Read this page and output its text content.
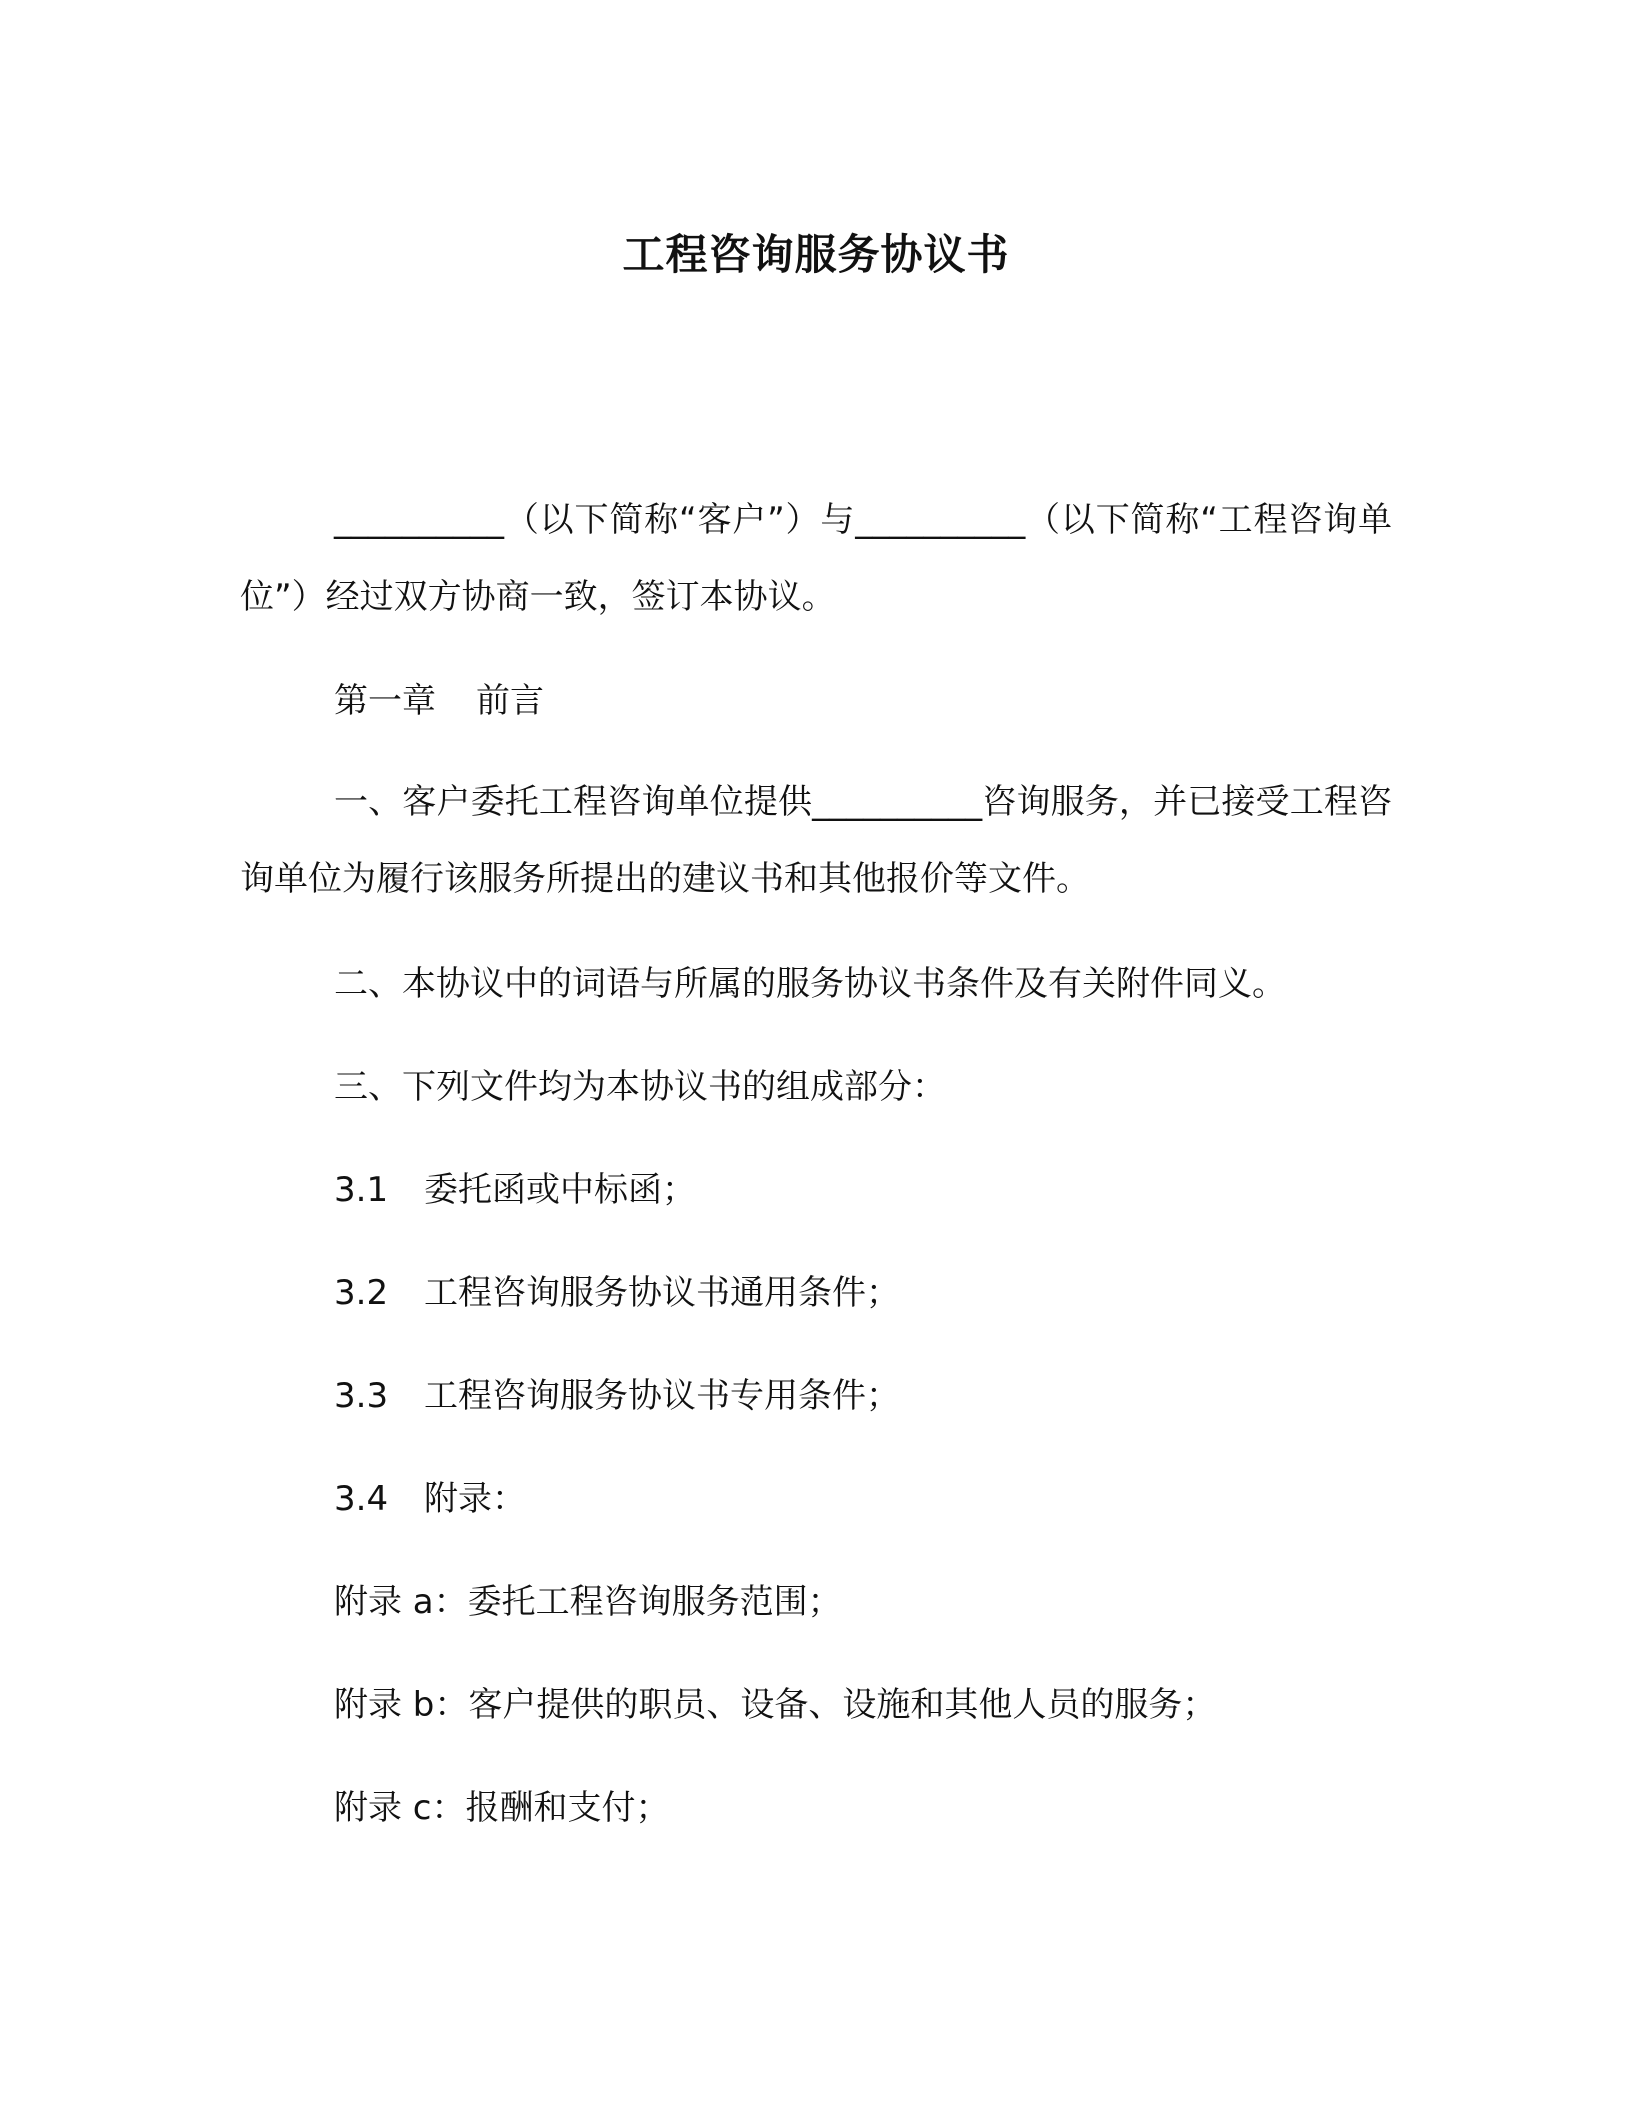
工程咨询服务协议书
__________（以下简称“客户”）与__________（以下简称“工程咨询单位”）经过双方协商一致，签订本协议。
第一章 前言
一、客户委托工程咨询单位提供__________咨询服务，并已接受工程咨询单位为履行该服务所提出的建议书和其他报价等文件。
二、本协议中的词语与所属的服务协议书条件及有关附件同义。
三、下列文件均为本协议书的组成部分：
3.1 委托函或中标函；
3.2 工程咨询服务协议书通用条件；
3.3 工程咨询服务协议书专用条件；
3.4 附录：
附录 a：委托工程咨询服务范围；
附录 b：客户提供的职员、设备、设施和其他人员的服务；
附录 c：报酬和支付；
